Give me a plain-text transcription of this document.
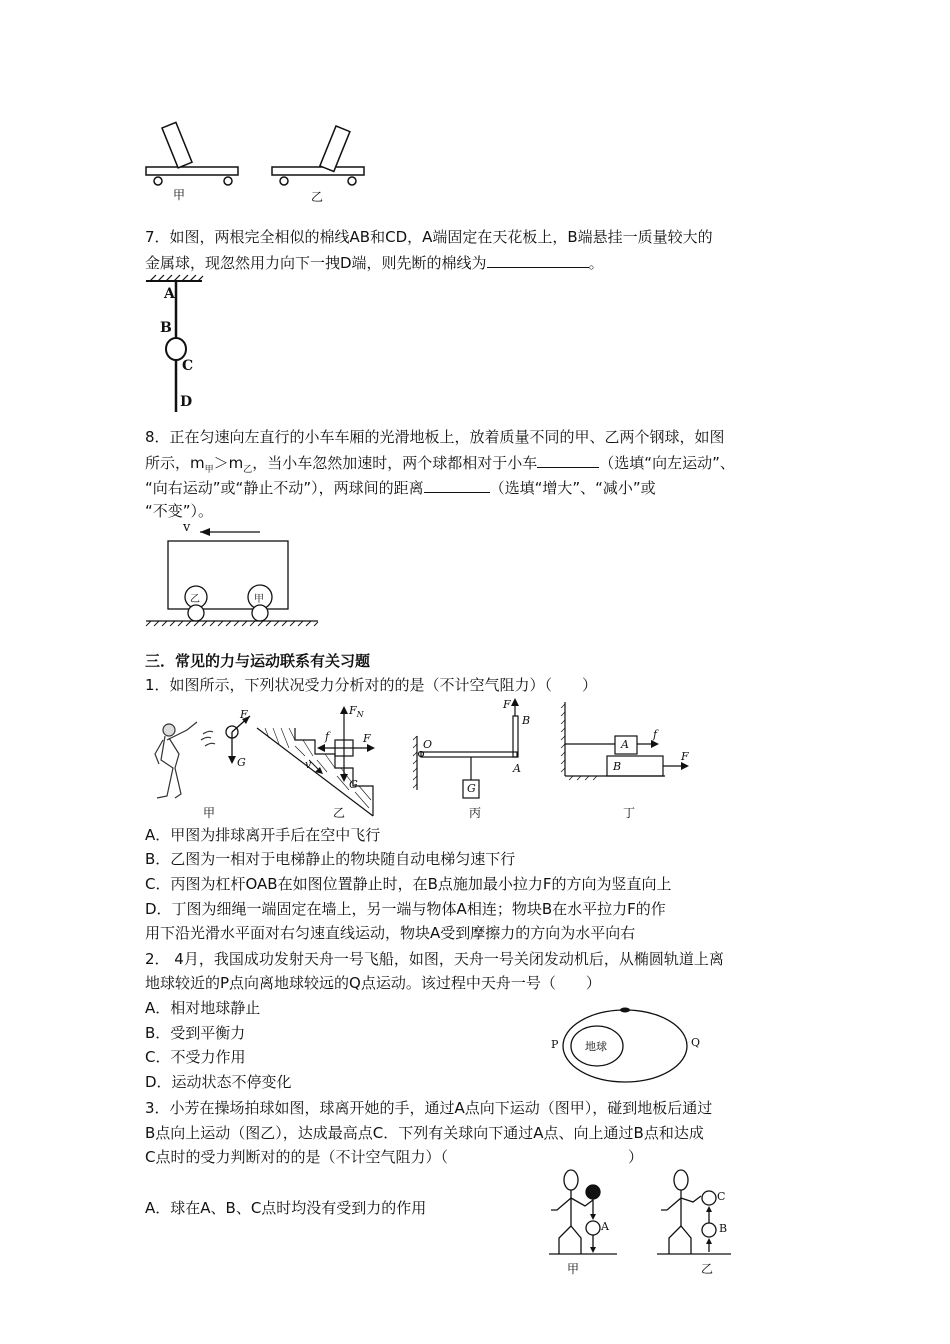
甲	乙
7．如图，两根完全相似的棉线AB和CD，A端固定在天花板上，B端悬挂一质量较大的
金属球，现忽然用力向下一拽D端，则先断的棉线为	。
A
B
C
D
8．正在匀速向左直行的小车车厢的光滑地板上，放着质量不同的甲、乙两个钢球，如图
所示，$m_甲>m_乙$，当小车忽然加速时，两个球都相对于小车	（选填“向左运动”、
“向右运动”或“静止不动”），两球间的距离	（选填“增大”、“减小”或
“不变”）。
v
乙	甲
三．常见的力与运动联系有关习题
1．如图所示，下列状况受力分析对的的是（不计空气阻力）（　　）
F
G
$F_N$
f	F
G
v
O
F
B
A
G
A
B
f
F
甲	乙	丙	丁
A．甲图为排球离开手后在空中飞行
B．乙图为一相对于电梯静止的物块随自动电梯匀速下行
C．丙图为杠杆OAB在如图位置静止时，在B点施加最小拉力F的方向为竖直向上
D．丁图为细绳一端固定在墙上，另一端与物体A相连；物块B在水平拉力F的作
用下沿光滑水平面对右匀速直线运动，物块A受到摩擦力的方向为水平向右
2． 4月，我国成功发射天舟一号飞船，如图，天舟一号关闭发动机后，从椭圆轨道上离
地球较近的P点向离地球较远的Q点运动。该过程中天舟一号（　　）
A．相对地球静止
B．受到平衡力
C．不受力作用
D．运动状态不停变化
地球
P	Q
3．小芳在操场拍球如图，球离开她的手，通过A点向下运动（图甲），碰到地板后通过
B点向上运动（图乙），达成最高点C．下列有关球向下通过A点、向上通过B点和达成
C点时的受力判断对的的是（不计空气阻力）（	）
A．球在A、B、C点时均没有受到力的作用
A
C
B
甲	乙
